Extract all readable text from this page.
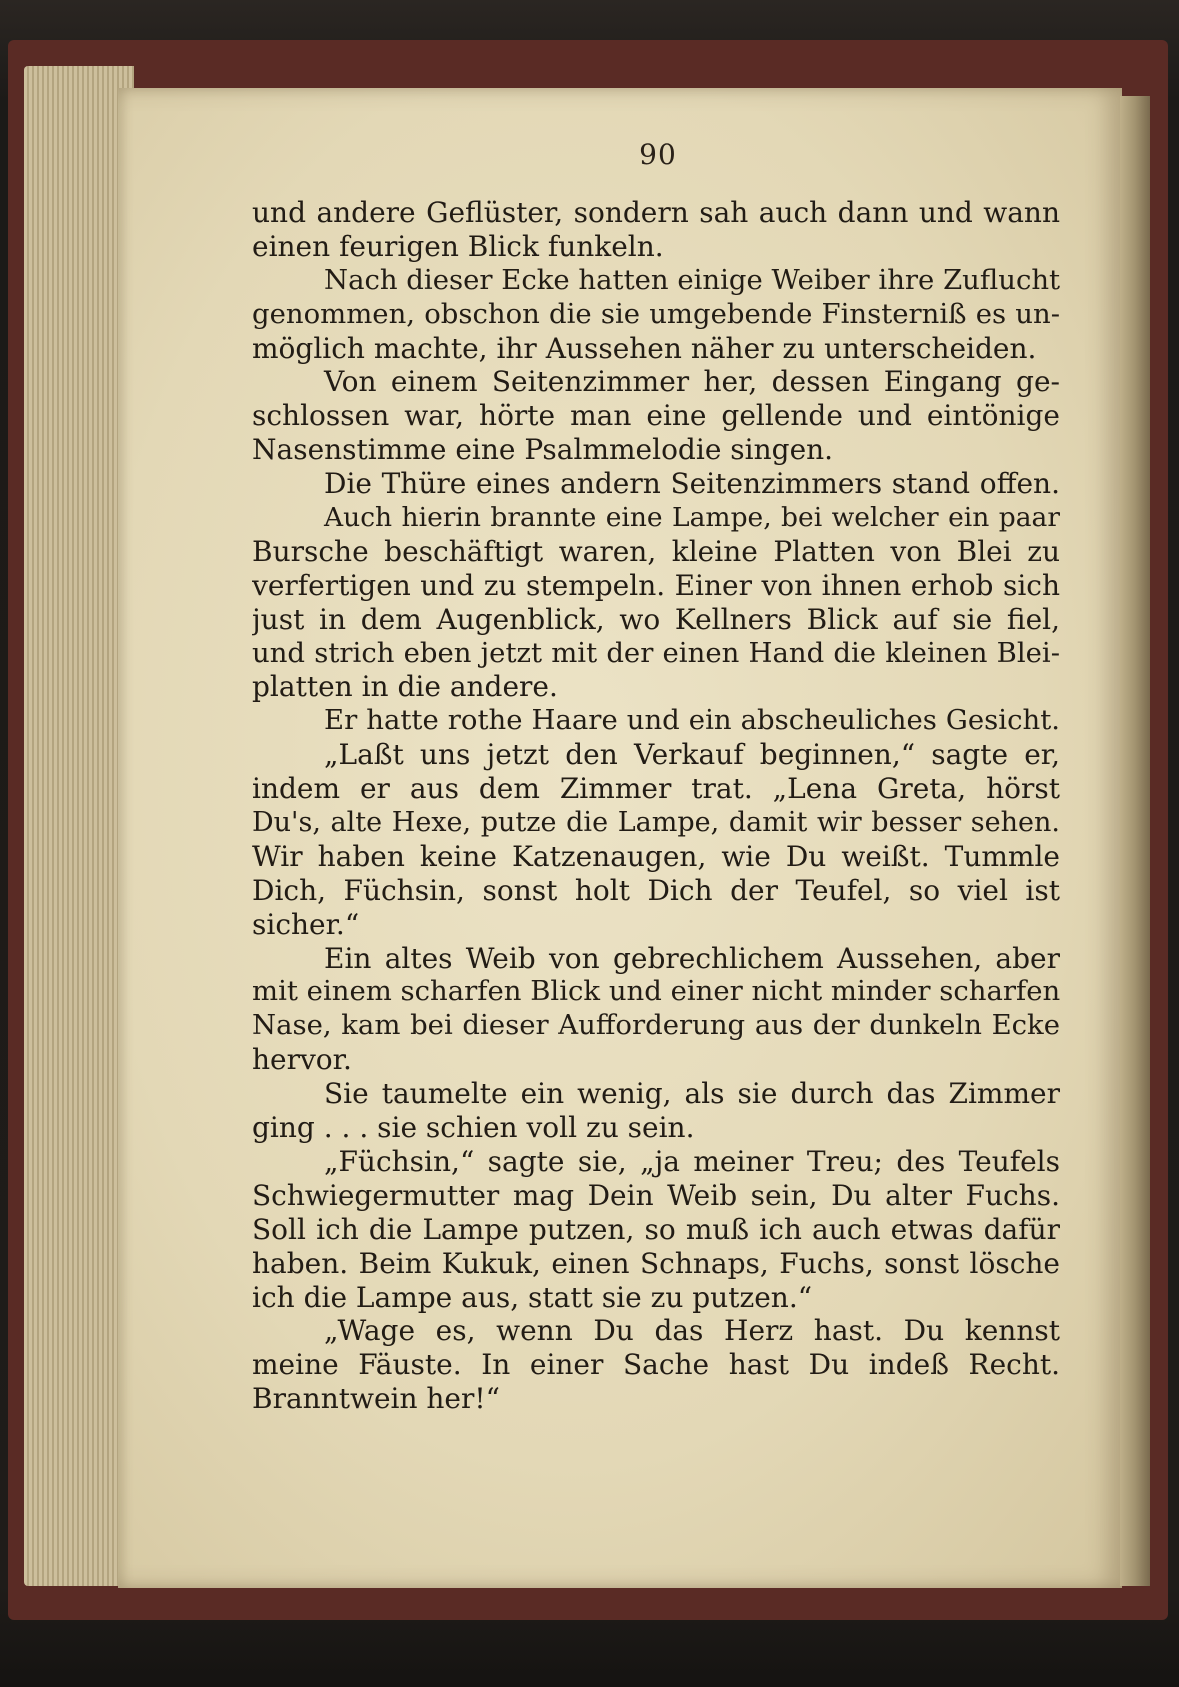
90
und andere Geflüster, sondern sah auch dann und wann
einen feurigen Blick funkeln.
Nach dieser Ecke hatten einige Weiber ihre Zuflucht
genommen, obschon die sie umgebende Finsterniß es un-
möglich machte, ihr Aussehen näher zu unterscheiden.
Von einem Seitenzimmer her, dessen Eingang ge-
schlossen war, hörte man eine gellende und eintönige
Nasenstimme eine Psalmmelodie singen.
Die Thüre eines andern Seitenzimmers stand offen.
Auch hierin brannte eine Lampe, bei welcher ein paar
Bursche beschäftigt waren, kleine Platten von Blei zu
verfertigen und zu stempeln. Einer von ihnen erhob sich
just in dem Augenblick, wo Kellners Blick auf sie fiel,
und strich eben jetzt mit der einen Hand die kleinen Blei-
platten in die andere.
Er hatte rothe Haare und ein abscheuliches Gesicht.
„Laßt uns jetzt den Verkauf beginnen,“ sagte er,
indem er aus dem Zimmer trat. „Lena Greta, hörst
Du's, alte Hexe, putze die Lampe, damit wir besser sehen.
Wir haben keine Katzenaugen, wie Du weißt. Tummle
Dich, Füchsin, sonst holt Dich der Teufel, so viel ist
sicher.“
Ein altes Weib von gebrechlichem Aussehen, aber
mit einem scharfen Blick und einer nicht minder scharfen
Nase, kam bei dieser Aufforderung aus der dunkeln Ecke
hervor.
Sie taumelte ein wenig, als sie durch das Zimmer
ging . . . sie schien voll zu sein.
„Füchsin,“ sagte sie, „ja meiner Treu; des Teufels
Schwiegermutter mag Dein Weib sein, Du alter Fuchs.
Soll ich die Lampe putzen, so muß ich auch etwas dafür
haben. Beim Kukuk, einen Schnaps, Fuchs, sonst lösche
ich die Lampe aus, statt sie zu putzen.“
„Wage es, wenn Du das Herz hast. Du kennst
meine Fäuste. In einer Sache hast Du indeß Recht.
Branntwein her!“
